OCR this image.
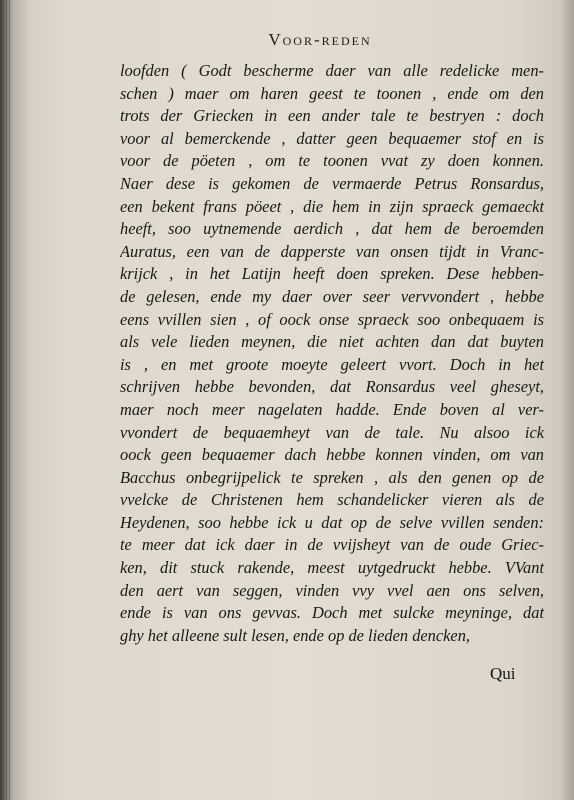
Voor-reden
loofden ( Godt bescherme daer van alle redelicke men-
schen ) maer om haren geest te toonen , ende om den
trots der Griecken in een ander tale te bestryen : doch
voor al bemerckende , datter geen bequaemer stof en is
voor de pöeten , om te toonen vvat zy doen konnen.
Naer dese is gekomen de vermaerde Petrus Ronsardus,
een bekent frans pöeet , die hem in zijn spraeck gemaeckt
heeft, soo uytnemende aerdich , dat hem de beroemden
Auratus, een van de dapperste van onsen tijdt in Vranc-
krijck , in het Latijn heeft doen spreken. Dese hebben-
de gelesen, ende my daer over seer vervvondert , hebbe
eens vvillen sien , of oock onse spraeck soo onbequaem is
als vele lieden meynen, die niet achten dan dat buyten
is , en met groote moeyte geleert vvort. Doch in het
schrijven hebbe bevonden, dat Ronsardus veel gheseyt,
maer noch meer nagelaten hadde. Ende boven al ver-
vvondert de bequaemheyt van de tale. Nu alsoo ick
oock geen bequaemer dach hebbe konnen vinden, om van
Bacchus onbegrijpelick te spreken , als den genen op de
vvelcke de Christenen hem schandelicker vieren als de
Heydenen, soo hebbe ick u dat op de selve vvillen senden:
te meer dat ick daer in de vvijsheyt van de oude Griec-
ken, dit stuck rakende, meest uytgedruckt hebbe. VVant
den aert van seggen, vinden vvy vvel aen ons selven,
ende is van ons gevvas. Doch met sulcke meyninge, dat
ghy het alleene sult lesen, ende op de lieden dencken,
Qui
